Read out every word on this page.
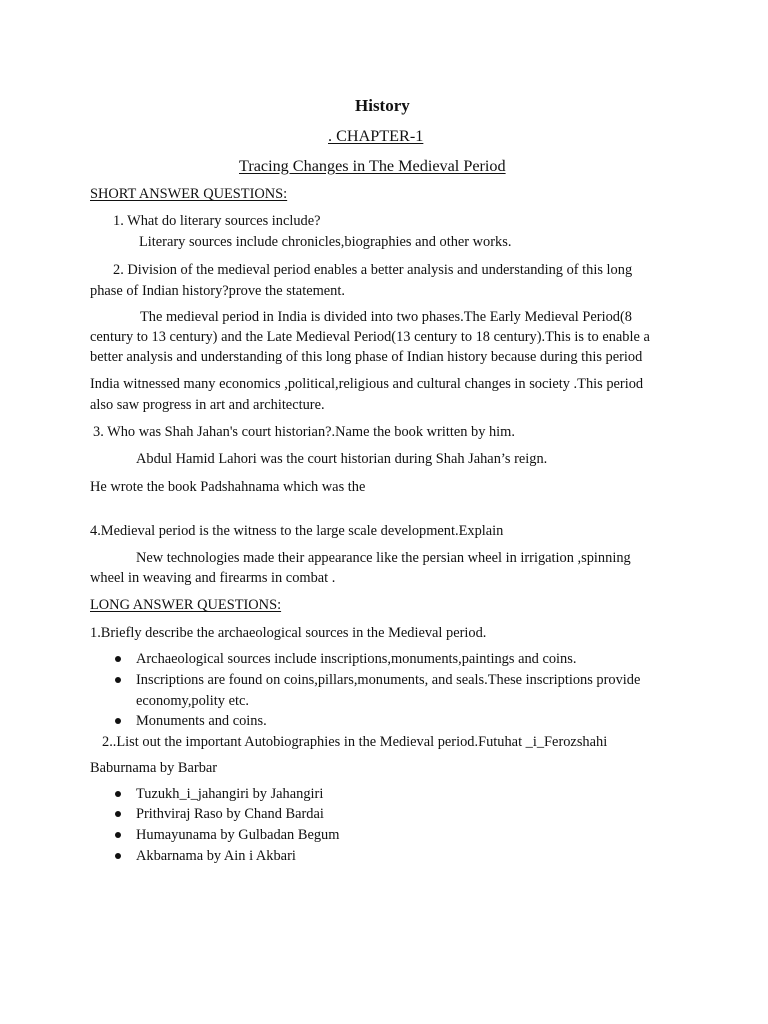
History
. CHAPTER-1
Tracing Changes in The Medieval Period
SHORT ANSWER QUESTIONS:
1. What do literary sources include?
Literary sources include chronicles,biographies and other works.
2. Division of the medieval period enables a better analysis and understanding of this long
phase of Indian history?prove the statement.
The medieval period in India is divided into two phases.The Early Medieval Period(8
century to 13 century) and the Late Medieval Period(13 century to 18 century).This is to enable a
better analysis and understanding of this long phase of Indian history because during this period
India witnessed many economics ,political,religious and cultural changes in society .This period
also saw progress in art and architecture.
3. Who was Shah Jahan's court historian?.Name the book written by him.
Abdul Hamid Lahori was the court historian during Shah Jahan’s reign.
He wrote the book Padshahnama which was the
4.Medieval period is the witness to the large scale development.Explain
New technologies made their appearance like the persian wheel in irrigation ,spinning
wheel in weaving and firearms in combat .
LONG ANSWER QUESTIONS:
1.Briefly describe the archaeological sources in the Medieval period.
Archaeological sources include inscriptions,monuments,paintings and coins.
Inscriptions are found on coins,pillars,monuments, and seals.These inscriptions provide
economy,polity etc.
Monuments and coins.
2..List out the important Autobiographies in the Medieval period.Futuhat _i_Ferozshahi
Baburnama by Barbar
Tuzukh_i_jahangiri by Jahangiri
Prithviraj Raso by Chand Bardai
Humayunama by Gulbadan Begum
Akbarnama by Ain i Akbari
